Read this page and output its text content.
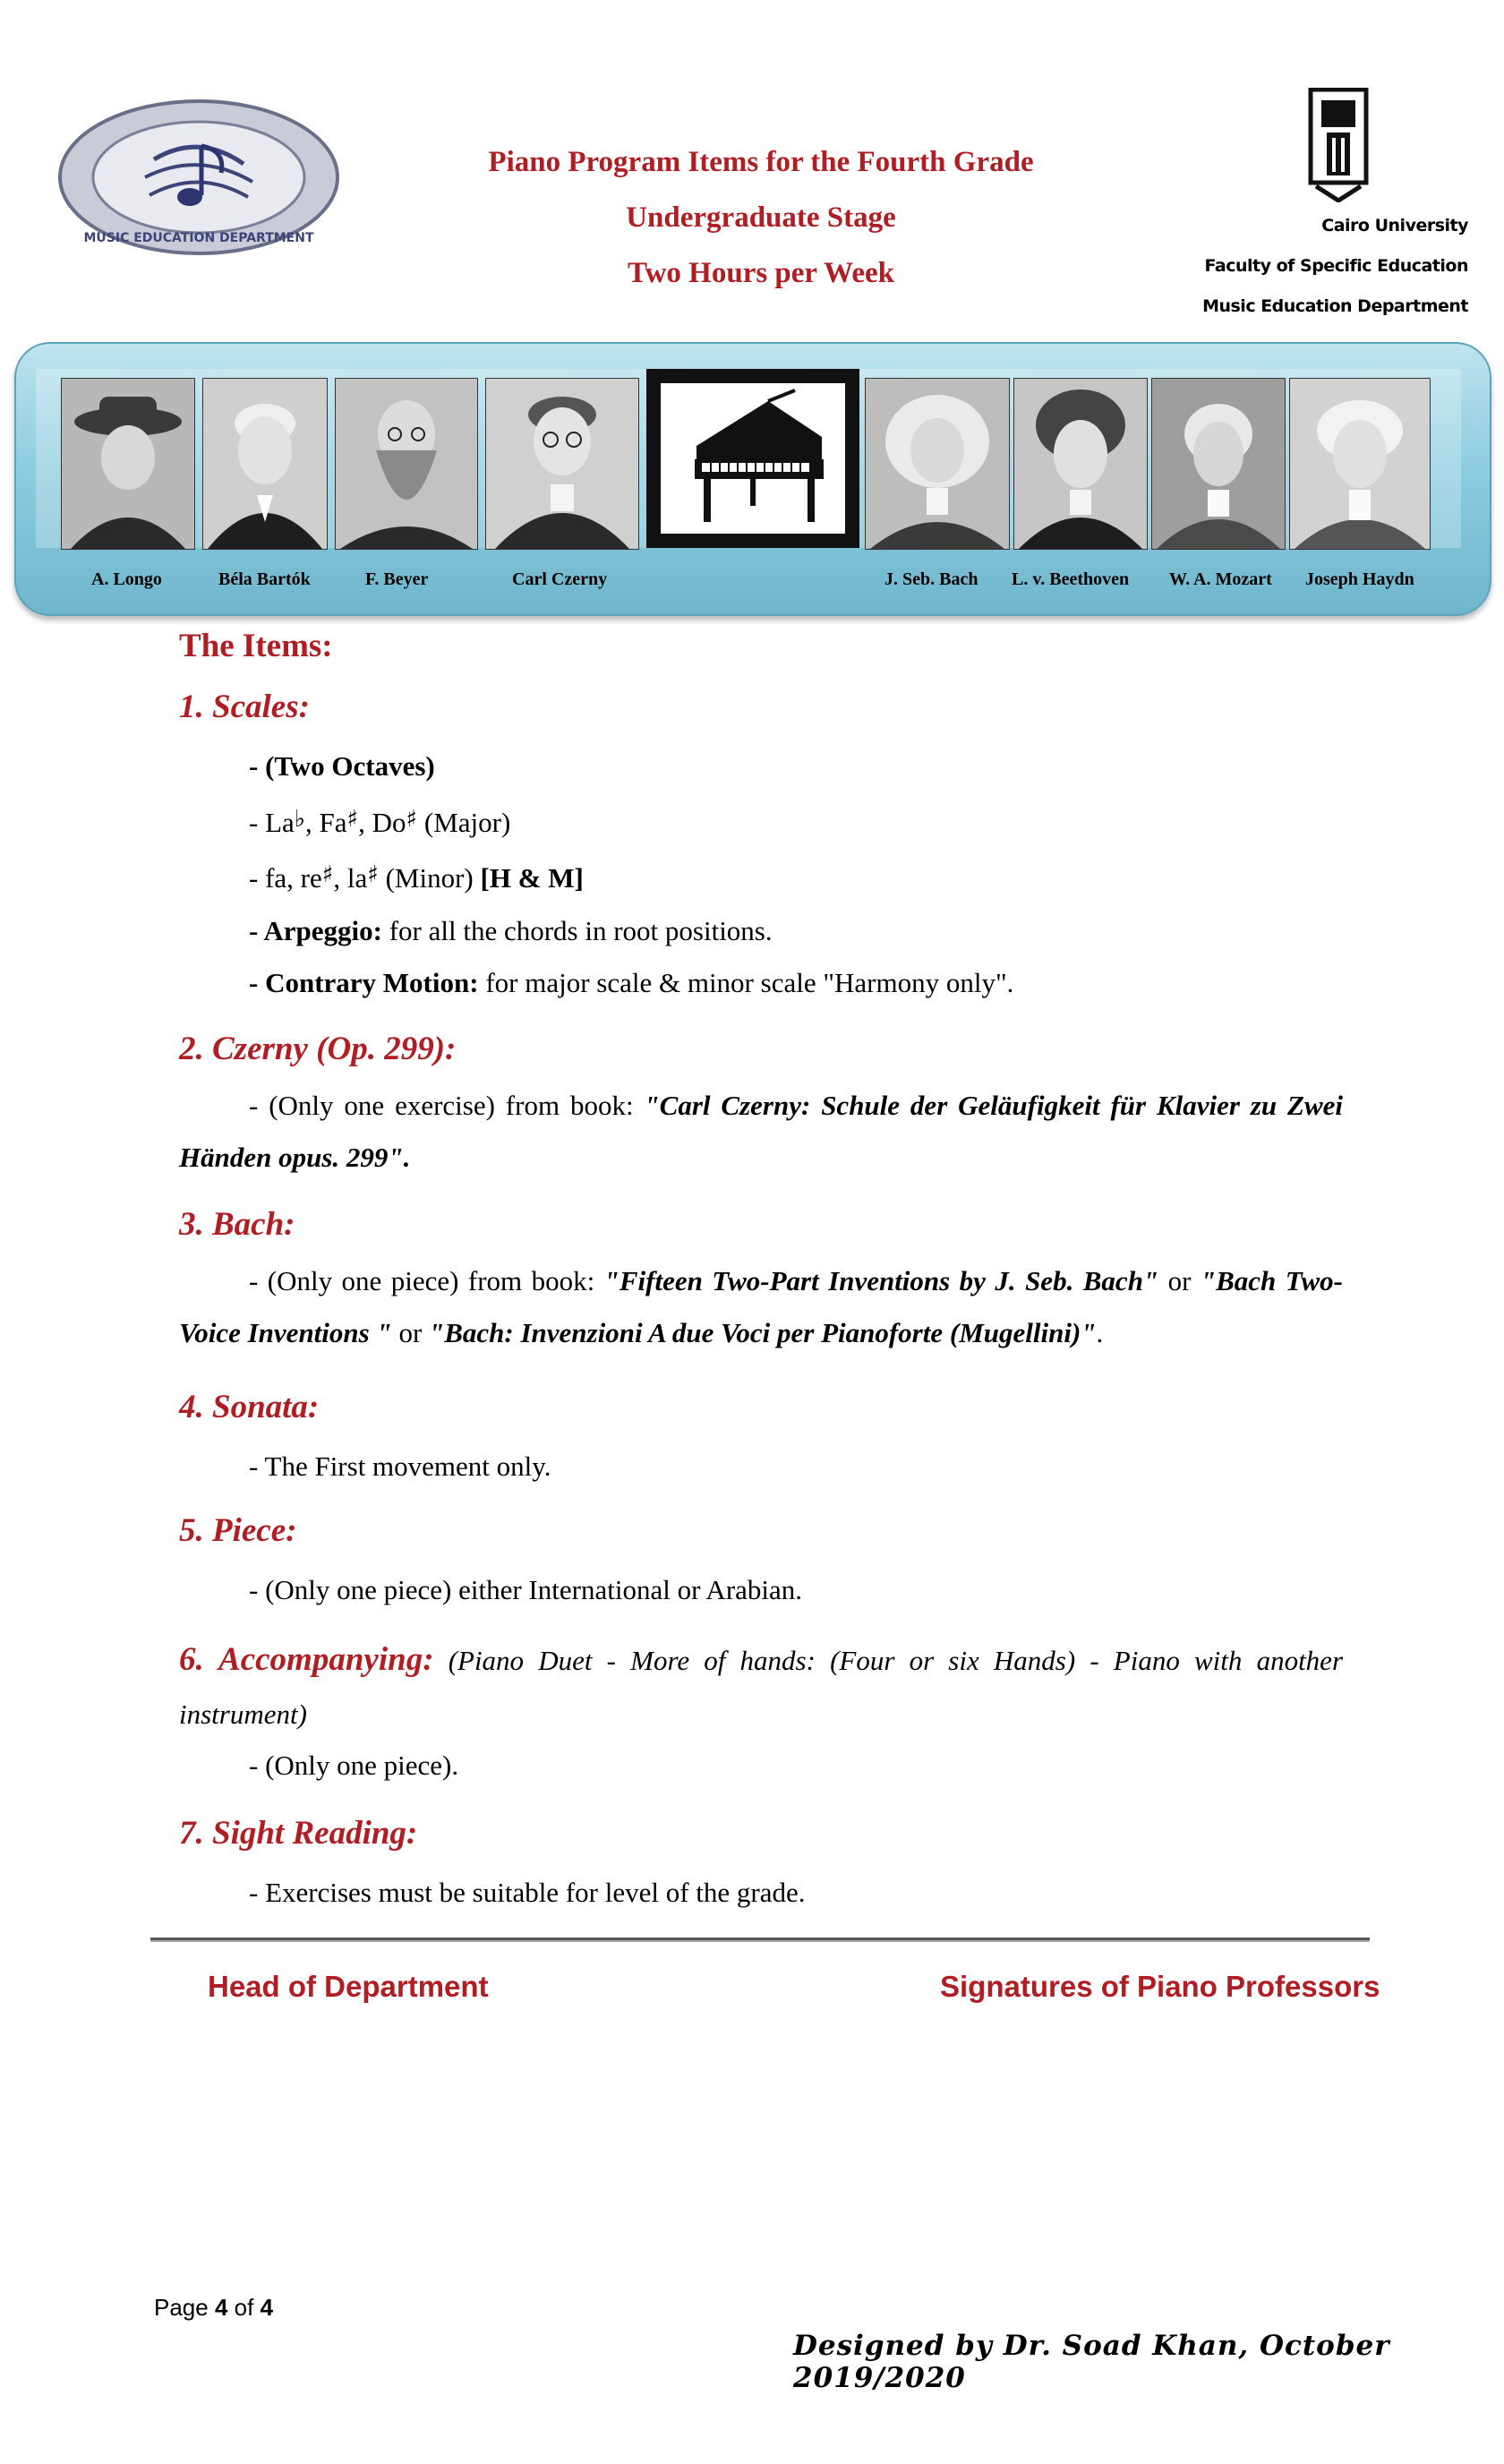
MUSIC EDUCATION DEPARTMENT
Piano Program Items for the Fourth Grade
Undergraduate Stage
Two Hours per Week
Cairo University
Faculty of Specific Education
Music Education Department
A. Longo	Béla Bartók	F. Beyer	Carl Czerny	J. Seb. Bach L. v. Beethoven W. A. Mozart Joseph Haydn
The Items:
1. Scales:
- (Two Octaves)
- La♭, Fa♯, Do♯ (Major)
- fa, re♯, la♯ (Minor) [H & M]
- Arpeggio: for all the chords in root positions.
- Contrary Motion: for major scale & minor scale "Harmony only".
2. Czerny (Op. 299):
- (Only one exercise) from book: "Carl Czerny: Schule der Geläufigkeit für Klavier zu Zwei Händen opus. 299".
3. Bach:
- (Only one piece) from book: "Fifteen Two-Part Inventions by J. Seb. Bach" or "Bach Two-Voice Inventions " or "Bach: Invenzioni A due Voci per Pianoforte (Mugellini)".
4. Sonata:
- The First movement only.
5. Piece:
- (Only one piece) either International or Arabian.
6. Accompanying: (Piano Duet - More of hands: (Four or six Hands) - Piano with another instrument)
- (Only one piece).
7. Sight Reading:
- Exercises must be suitable for level of the grade.
Head of Department	Signatures of Piano Professors
Page 4 of 4
Designed by Dr. Soad Khan, October 2019/2020
